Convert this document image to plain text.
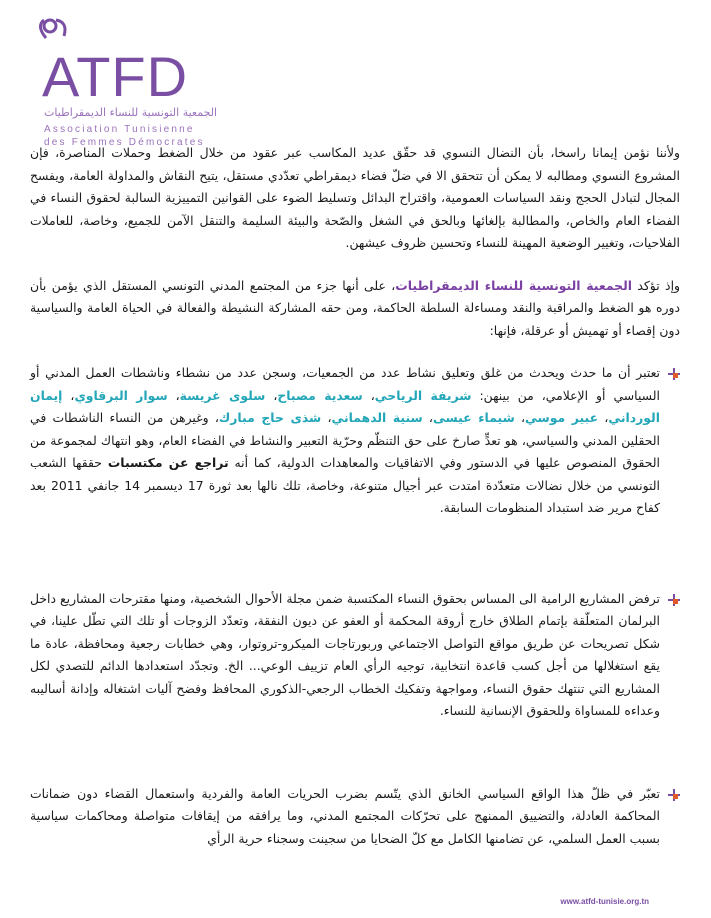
ATFD
الجمعية التونسية للنساء الديمقراطيات
Association Tunisienne
des Femmes Démocrates

ولأننا نؤمن إيمانا راسخا، بأن النضال النسوي قد حقّق عديد المكاسب عبر عقود من خلال الضغط وحملات المناصرة، فإن المشروع النسوي ومطالبه لا يمكن أن تتحقق الا في ضلّ فضاء ديمقراطي تعدّدي مستقل، يتيح النقاش والمداولة العامة، ويفسح المجال لتبادل الحجج ونقد السياسات العمومية، واقتراح البدائل وتسليط الضوء على القوانين التمييزية السالبة لحقوق النساء في الفضاء العام والخاص، والمطالبة بإلغائها وبالحق في الشغل والصّحة والبيئة السليمة والتنقل الآمن للجميع، وخاصة، للعاملات الفلاحيات، وتغيير الوضعية المهينة للنساء وتحسين ظروف عيشهن.

وإذ تؤكد الجمعية التونسية للنساء الديمقراطيات، على أنها جزء من المجتمع المدني التونسي المستقل الذي يؤمن بأن دوره هو الضغط والمراقبة والنقد ومساءلة السلطة الحاكمة، ومن حقه المشاركة النشيطة والفعالة في الحياة العامة والسياسية دون إقصاء أو تهميش أو عرقلة، فإنها:

تعتبر أن ما حدث ويحدث من غلق وتعليق نشاط عدد من الجمعيات، وسجن عدد من نشطاء وناشطات العمل المدني أو السياسي أو الإعلامي، من بينهن: شريفة الرياحي، سعدية مصباح، سلوى غريسة، سوار البرقاوي، إيمان الورداني، عبير موسي، شيماء عيسى، سنية الدهماني، شذى حاج مبارك، وغيرهن من النساء الناشطات في الحقلين المدني والسياسي، هو تعدٍّ صارخ على حق التنظّم وحرّية التعبير والنشاط في الفضاء العام، وهو انتهاك لمجموعة من الحقوق المنصوص عليها في الدستور وفي الاتفاقيات والمعاهدات الدولية، كما أنه تراجع عن مكتسبات حققها الشعب التونسي من خلال نضالات متعدّدة امتدت عبر أجيال متنوعة، وخاصة، تلك نالها بعد ثورة 17 ديسمبر 14 جانفي 2011 بعد كفاح مرير ضد استبداد المنظومات السابقة.
ترفض المشاريع الرامية الى المساس بحقوق النساء المكتسبة ضمن مجلة الأحوال الشخصية، ومنها مقترحات المشاريع داخل البرلمان المتعلّقة بإتمام الطلاق خارج أروقة المحكمة أو العفو عن ديون النفقة، وتعدّد الزوجات أو تلك التي تطّل علينا، في شكل تصريحات عن طريق مواقع التواصل الاجتماعي وربورتاجات الميكرو-تروتوار، وهي خطابات رجعية ومحافظة، عادة ما يقع استغلالها من أجل كسب قاعدة انتخابية، توجيه الرأي العام تزييف الوعي... الخ. وتجدّد استعدادها الدائم للتصدي لكل المشاريع التي تنتهك حقوق النساء، ومواجهة وتفكيك الخطاب الرجعي-الذكوري المحافظ وفضح آليات اشتغاله وإدانة أساليبه وعداءه للمساواة وللحقوق الإنسانية للنساء.
تعبّر في ظلّ هذا الواقع السياسي الخانق الذي يتّسم بضرب الحريات العامة والفردية واستعمال القضاء دون ضمانات المحاكمة العادلة، والتضييق الممنهج على تحرّكات المجتمع المدني، وما يرافقه من إيقافات متواصلة ومحاكمات سياسية بسبب العمل السلمي، عن تضامنها الكامل مع كلّ الضحايا من سجينت وسجناء حرية الرأي
www.atfd-tunisie.org.tn
